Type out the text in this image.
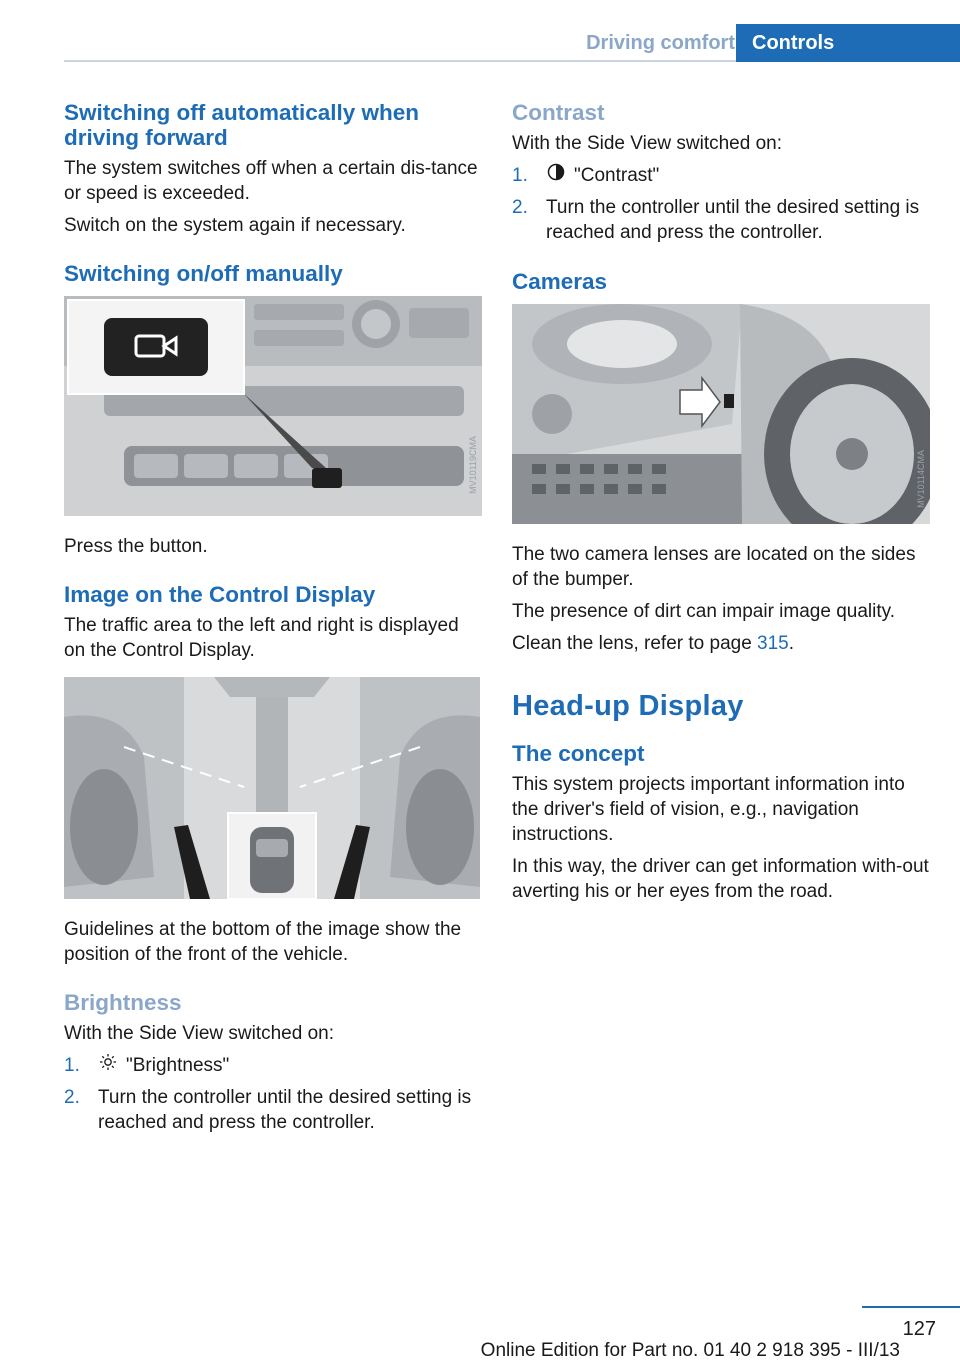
Driving comfort Controls
Switching off automatically when driving forward

The system switches off when a certain dis-tance or speed is exceeded.

Switch on the system again if necessary.

Switching on/off manually
MV10119CMA

Press the button.

Image on the Control Display

The traffic area to the left and right is displayed on the Control Display.

Guidelines at the bottom of the image show the position of the front of the vehicle.

Brightness

With the Side View switched on:

1. "Brightness"
2. Turn the controller until the desired setting is reached and press the controller.
Contrast

With the Side View switched on:

1. "Contrast"
2. Turn the controller until the desired setting is reached and press the controller.
Cameras
MV10114CMA

The two camera lenses are located on the sides of the bumper.

The presence of dirt can impair image quality.

Clean the lens, refer to page 315.

Head-up Display
The concept

This system projects important information into the driver's field of vision, e.g., navigation instructions.

In this way, the driver can get information with-out averting his or her eyes from the road.

127
Online Edition for Part no. 01 40 2 918 395 - III/13
